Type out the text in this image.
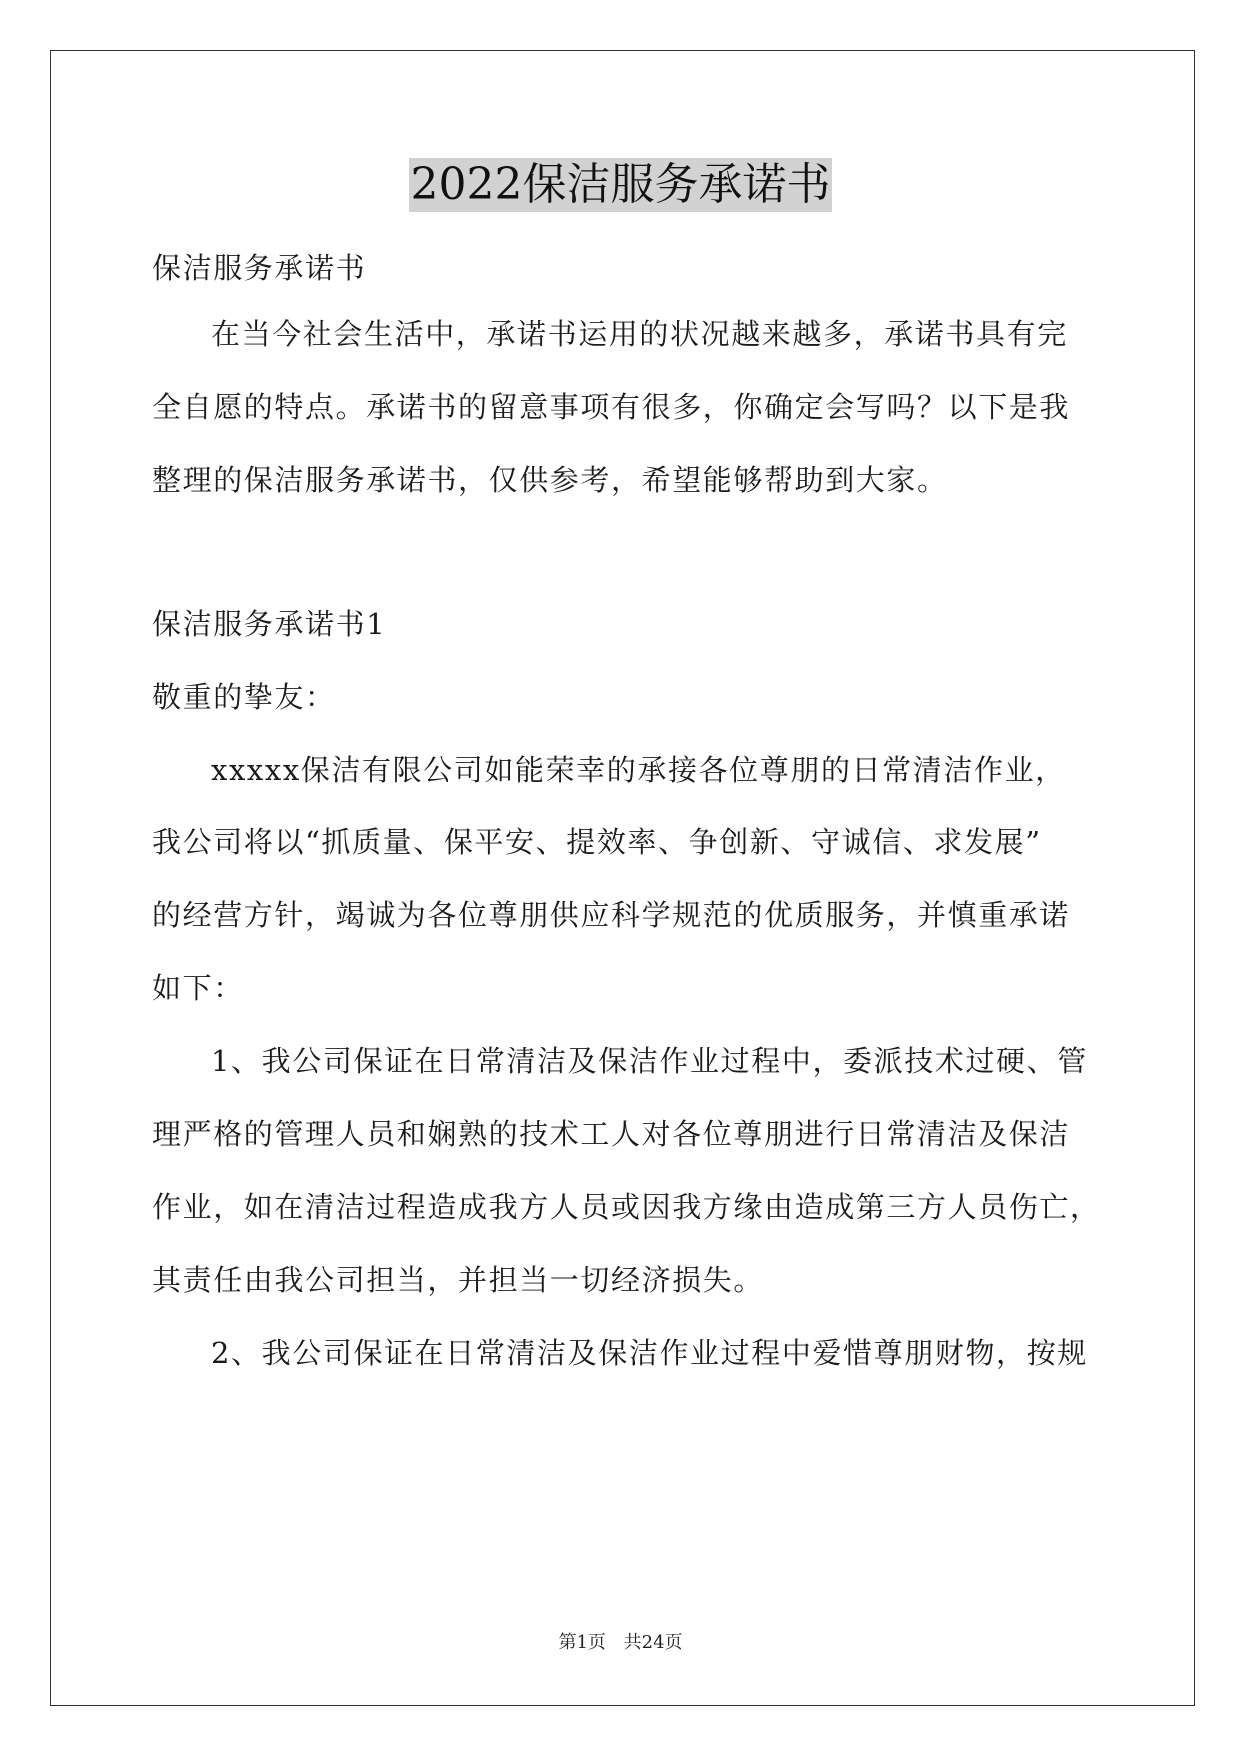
2022保洁服务承诺书
保洁服务承诺书
在当今社会生活中，承诺书运用的状况越来越多，承诺书具有完
全自愿的特点。承诺书的留意事项有很多，你确定会写吗？以下是我
整理的保洁服务承诺书，仅供参考，希望能够帮助到大家。
保洁服务承诺书1
敬重的挚友：
xxxxx保洁有限公司如能荣幸的承接各位尊朋的日常清洁作业，
我公司将以“抓质量、保平安、提效率、争创新、守诚信、求发展”
的经营方针，竭诚为各位尊朋供应科学规范的优质服务，并慎重承诺
如下：
1、我公司保证在日常清洁及保洁作业过程中，委派技术过硬、管
理严格的管理人员和娴熟的技术工人对各位尊朋进行日常清洁及保洁
作业，如在清洁过程造成我方人员或因我方缘由造成第三方人员伤亡，
其责任由我公司担当，并担当一切经济损失。
2、我公司保证在日常清洁及保洁作业过程中爱惜尊朋财物，按规
第1页 共24页
